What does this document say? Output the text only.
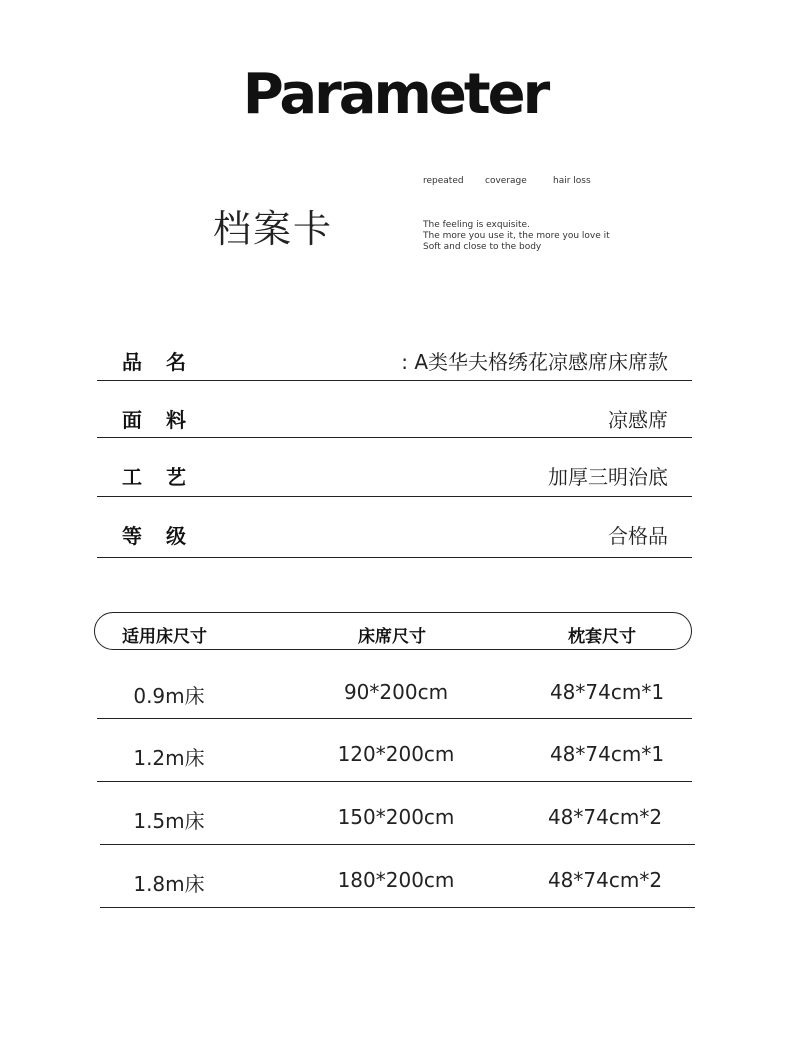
Parameter
档案卡
repeated coverage	hair loss
The feeling is exquisite.
The more you use it, the more you love it
Soft and close to the body
品名	: A类华夫格绣花凉感席床席款
面料	凉感席
工艺	加厚三明治底
等级	合格品
适用床尺寸	床席尺寸	枕套尺寸
0.9m床	90*200cm	48*74cm*1
1.2m床	120*200cm	48*74cm*1
1.5m床	150*200cm	48*74cm*2
1.8m床	180*200cm	48*74cm*2
